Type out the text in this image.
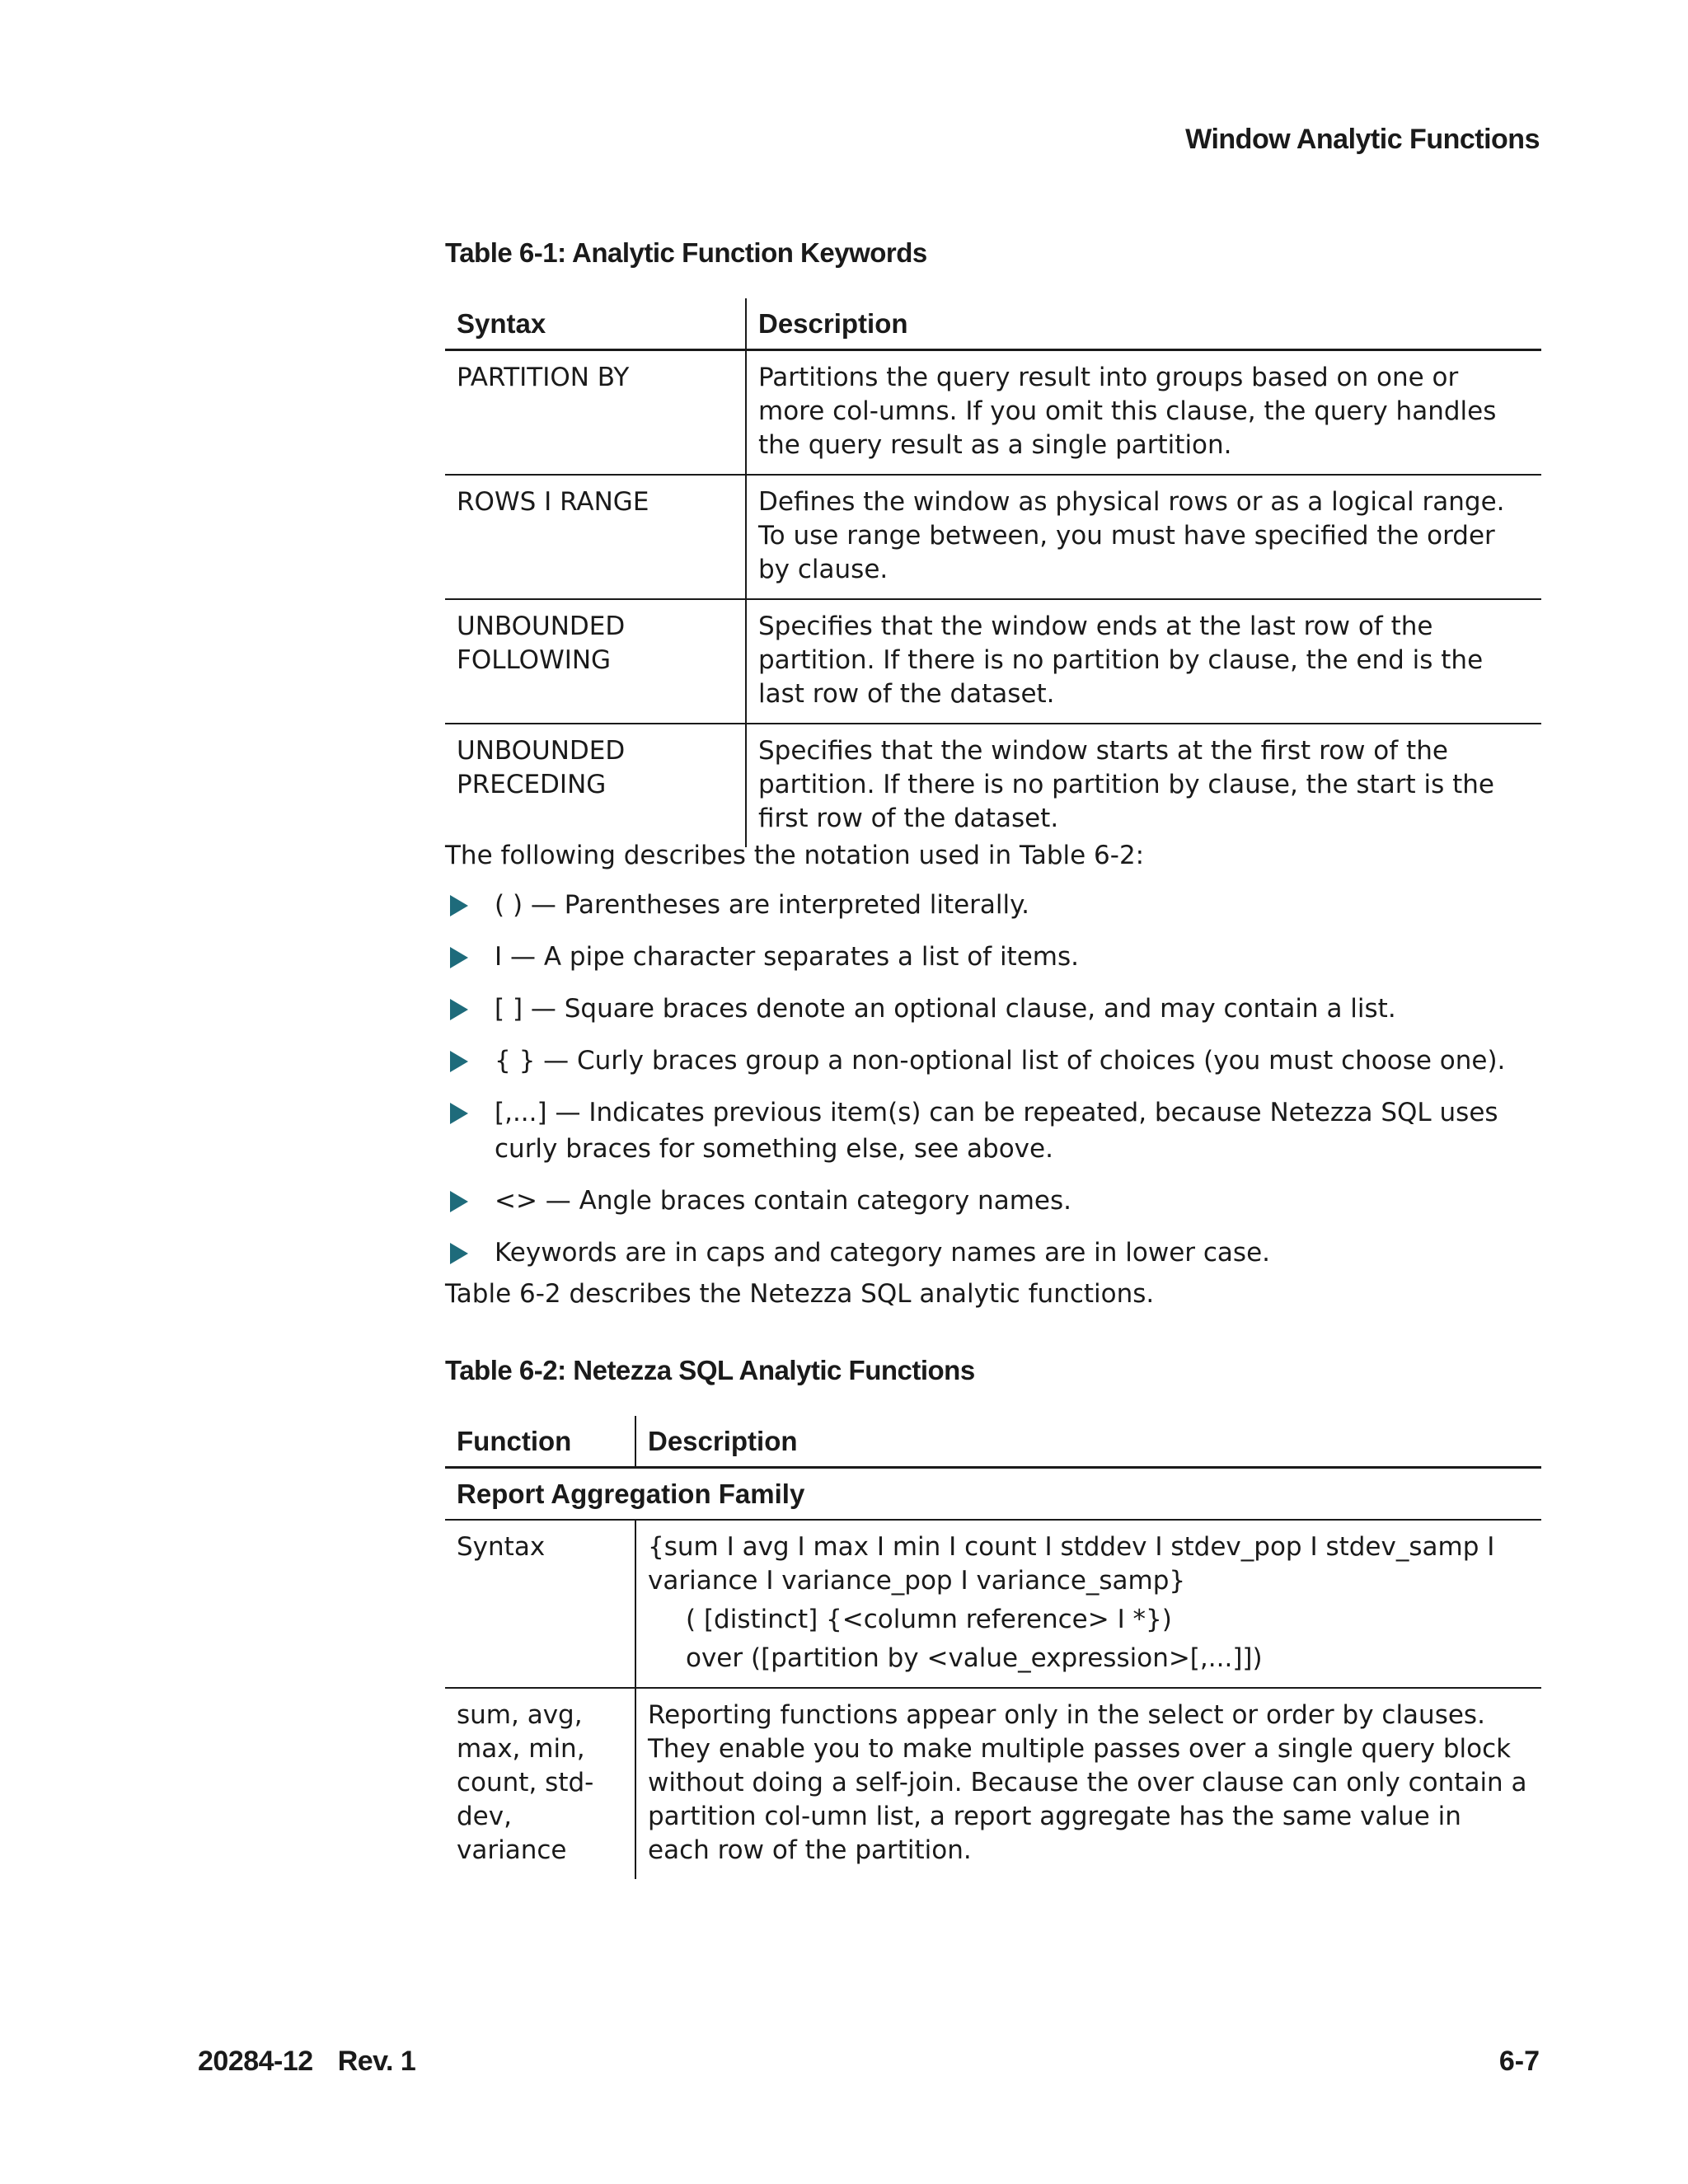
Window Analytic Functions

Table 6-1: Analytic Function Keywords

Syntax	Description
PARTITION BY	Partitions the query result into groups based on one or more col-umns. If you omit this clause, the query handles the query result as a single partition.
ROWS I RANGE	Defines the window as physical rows or as a logical range. To use range between, you must have specified the order by clause.
UNBOUNDED FOLLOWING	Specifies that the window ends at the last row of the partition. If there is no partition by clause, the end is the last row of the dataset.
UNBOUNDED PRECEDING	Specifies that the window starts at the first row of the partition. If there is no partition by clause, the start is the first row of the dataset.

The following describes the notation used in Table 6-2:

( ) — Parentheses are interpreted literally.
I — A pipe character separates a list of items.
[ ] — Square braces denote an optional clause, and may contain a list.
{ } — Curly braces group a non-optional list of choices (you must choose one).
[,...] — Indicates previous item(s) can be repeated, because Netezza SQL uses curly braces for something else, see above.
<> — Angle braces contain category names.
Keywords are in caps and category names are in lower case.

Table 6-2 describes the Netezza SQL analytic functions.

Table 6-2: Netezza SQL Analytic Functions

Function	Description
Report Aggregation Family	
Syntax	{sum I avg I max I min I count I stddev I stdev_pop I stdev_samp I variance I variance_pop I variance_samp}
( [distinct] {<column reference> I *})
over ([partition by <value_expression>[,...]])

sum, avg, max, min, count, std-dev, variance	Reporting functions appear only in the select or order by clauses. They enable you to make multiple passes over a single query block without doing a self-join. Because the over clause can only contain a partition col-umn list, a report aggregate has the same value in each row of the partition.
20284-12 Rev. 1	6-7
